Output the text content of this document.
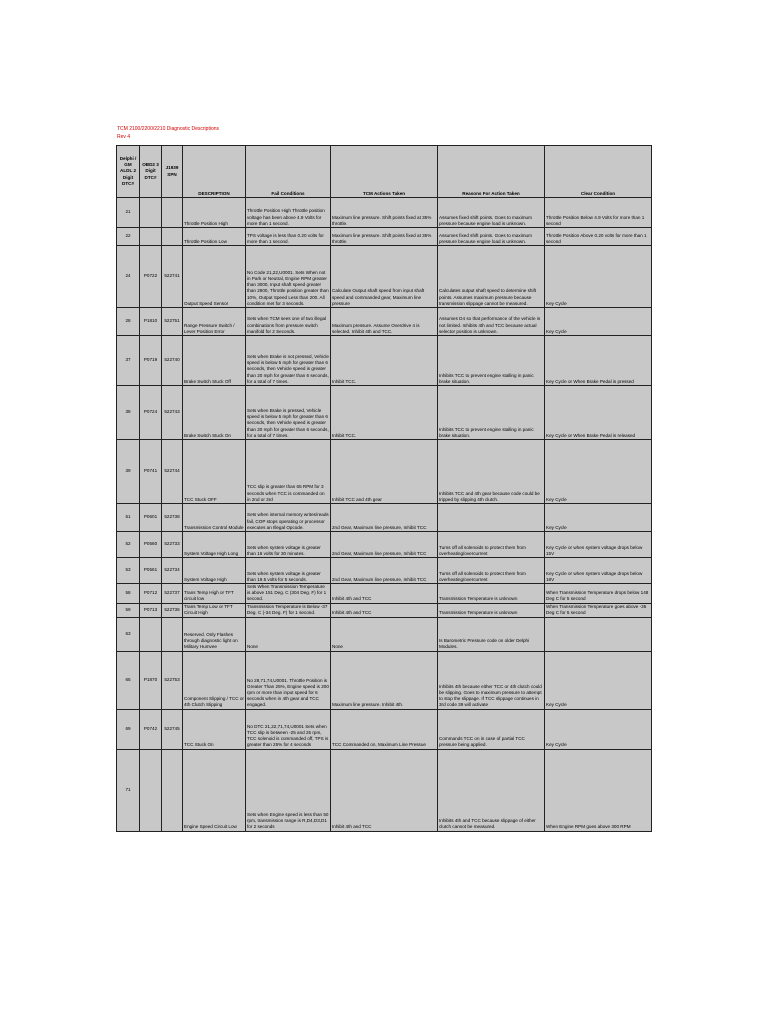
TCM 2100/2200/2210 Diagnostic Descriptions
Rev 4
Delphi / GM ALDL 2 Digit DTC#	OBD2 3 Digit DTC#	J1939 SPN	DESCRIPTION	Fail Conditions	TCM Actions Taken	Reasons For Action Taken	Clear Condition
21			Throttle Position High	Throttle Position High Throttle position voltage has been above 4.9 Volts for more than 1 second.	Maximum line pressure. Shift points fixed at 35% throttle.	Assumes fixed shift points. Goes to maximum pressure because engine load is unknown.	Throttle Position Below 4.9 Volts for more than 1 second
22			Throttle Position Low	TPS voltage is less than 0.20 volts for more than 1 second.	Maximum line pressure. Shift points fixed at 35% throttle.	Assumes fixed shift points. Goes to maximum pressure because engine load is unknown.	Throttle Position Above 0.20 volts for more than 1 second
24	P0722	522741	Output Speed Sensor	No Code 21,22,U0001. Sets When not in Park or Neutral, Engine RPM greater than 3000, Input shaft speed greater than 2800, Throttle position greater than 10%, Output Speed Less than 200. All condition met for 3 seconds.	Calculate Output shaft speed from input shaft speed and commanded gear, Maximum line pressure	Calculates output shaft speed to determine shift points. Assumes maximum pressure because transmission slippage cannot be measured.	Key Cycle
28	P1810	522751	Range Pressure Switch / Lever Position Error	Sets when TCM sees one of two illegal combinations from pressure switch manifold for 2 Seconds.	Maximum pressure. Assume Overdrive 4 is selected. Inhibit 4th and TCC.	Assumes D4 so that performance of the vehicle is not limited. Inhibits 4th and TCC because actual selector position is unknown.	Key Cycle
37	P0719	522740	Brake Switch Stuck Off	Sets when Brake is not pressed, Vehicle speed is below 5 mph for greater than 6 seconds, then Vehicle speed is greater than 20 mph for greater than 6 seconds, for a total of 7 times.	Inhibit TCC.	Inhibits TCC to prevent engine stalling in panic brake situation.	Key Cycle or When Brake Pedal is pressed
38	P0724	522743	Brake Switch Stuck On	Sets when Brake is pressed, Vehicle speed is below 5 mph for greater than 6 seconds, then Vehicle speed is greater than 20 mph for greater than 6 seconds, for a total of 7 times.	Inhibit TCC.	Inhibits TCC to prevent engine stalling in panic brake situation.	Key Cycle or When Brake Pedal is released
39	P0741	522744	TCC Stuck OFF	TCC slip is greater than 65 RPM for 3 seconds when TCC is commanded on in 2nd or 3rd	Inhibit TCC and 4th gear	Inhibits TCC and 4th gear because code could be tripped by slipping 4th clutch.	Key Cycle
51	P0601	522738	Transmission Control Module	Sets when internal memory writes/reads fail, COP stops operating or processor executes an Illegal Opcode.	2nd Gear, Maximum line pressure, Inhibit TCC		Key Cycle
52	P0560	522733	System Voltage High Long	Sets when system voltage is greater than 16 volts for 30 minutes.	2nd Gear, Maximum line pressure, Inhibit TCC	Turns off all solenoids to protect them from overheating/overcurrent	Key Cycle or when system voltage drops below 15V
53	P0561	522734	System Voltage High	Sets when system voltage is greater than 19.5 volts for 5 seconds.	2nd Gear, Maximum line pressure, Inhibit TCC	Turns off all solenoids to protect them from overheating/overcurrent	Key Cycle or when system voltage drops below 18V
58	P0712	522737	Trans Temp High or TFT circuit low	Sets When Transmission Temperature is above 151 Deg. C (304 Deg. F) for 1 second.	Inhibit 4th and TCC	Transmission Temperature is unknown	When Transmission Temperature drops below 148 Deg C for 5 second
59	P0713	522736	Trans Temp Low or TFT Circuit High	Transmission Temperature is Below -37 Deg. C (-34 Deg. F) for 1 second.	Inhibit 4th and TCC	Transmission Temperature is unknown	When Transmission Temperature goes above -35 Deg C for 5 second
63			Reserved. Only Flashes through diagnostic light on Military Humvee	None	None	Is Barometric Pressure code on older Delphi Modules.	
65	P1870	522753	Component Slipping / TCC or 4th Clutch Slipping	No 28,71,74,U0001. Throttle Position is Greater Than 25%, Engine speed is 200 rpm or more than input speed for 6 seconds when in 4th gear and TCC engaged.	Maximum line pressure. Inhibit 4th.	Inhibits 4th because either TCC or 4th clutch could be slipping. Goes to maximum pressure to attempt to stop the slippage. If TCC slippage continues in 3rd code 39 will activate	Key Cycle
69	P0742	522745	TCC Stuck On	No DTC 21,22,71,74,U0001 Sets when TCC slip is between -25 and 25 rpm, TCC solenoid is commanded off, TPS is greater than 25% for 4 seconds	TCC Commanded on, Maximum Line Pressue	Commands TCC on in case of partial TCC pressure being applied.	Key Cycle
71			Engine Speed Circuit Low	Sets when Engine speed is less than 50 rpm, transmission range is R,D4,D3,D1 for 2 seconds	Inhibit 4th and TCC	Inhibits 4th and TCC because slippage of either clutch cannot be measured.	When Engine RPM goes above 300 RPM
